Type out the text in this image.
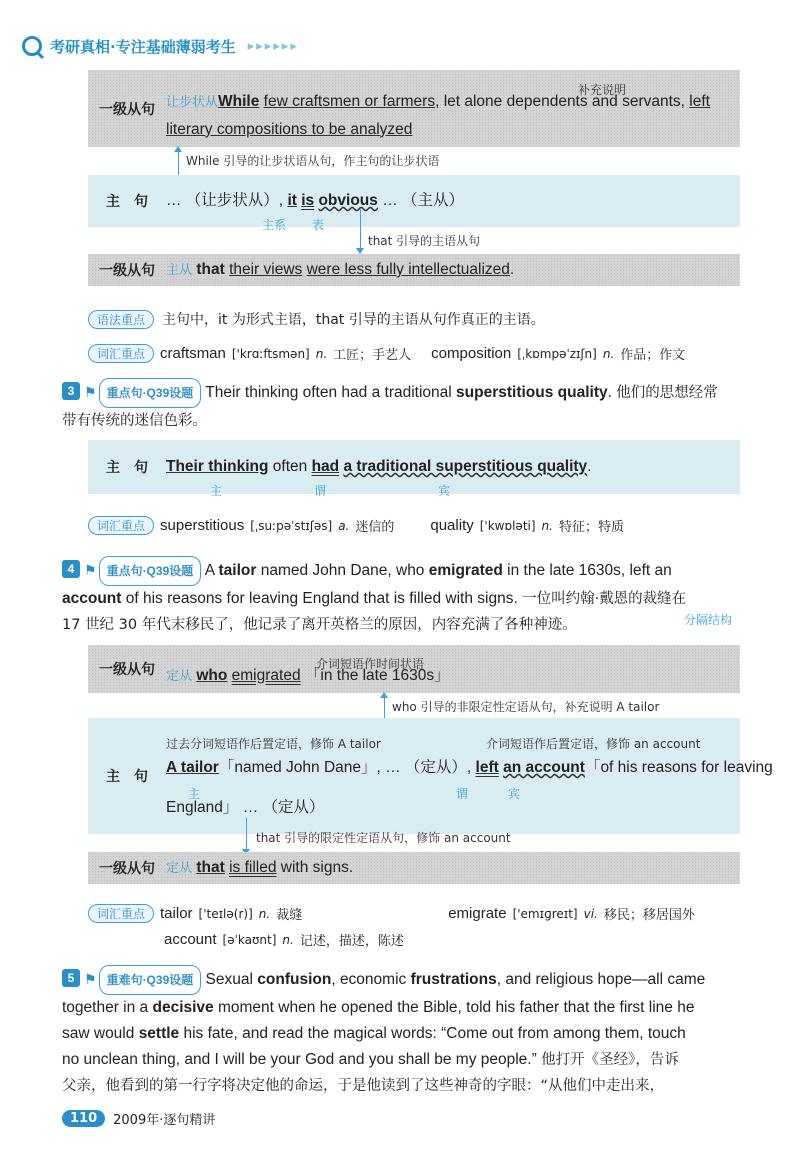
考研真相·专注基础薄弱考生 ▸▸▸▸▸▸
一级从句
补充说明
让步状从While few craftsmen or farmers, let alone dependents and servants, left
literary compositions to be analyzed
While 引导的让步状语从句，作主句的让步状语
主　句	… （让步状从）, it is obvious … （主从）
主系 表
that 引导的主语从句
一级从句 主从 that their views were less fully intellectualized.
语法重点	主句中，it 为形式主语，that 引导的主语从句作真正的主语。
词汇重点	craftsman ['krɑːftsmən] n. 工匠；手艺人 composition [ˌkɒmpəˈzɪʃn] n. 作品；作文
3 ⚑ 重点句·Q39设题 Their thinking often had a traditional superstitious quality. 他们的思想经常
带有传统的迷信色彩。
主　句	Their thinking often had a traditional superstitious quality.
主	谓	宾
词汇重点	superstitious [ˌsuːpəˈstɪʃəs] a. 迷信的 quality ['kwɒləti] n. 特征；特质
4 ⚑ 重点句·Q39设题 A tailor named John Dane, who emigrated in the late 1630s, left an
account of his reasons for leaving England that is filled with signs. 一位叫约翰·戴恩的裁缝在
17 世纪 30 年代末移民了，他记录了离开英格兰的原因，内容充满了各种神迹。	分隔结构
一级从句	介词短语作时间状语
定从 who emigrated 「in the late 1630s」
who 引导的非限定性定语从句，补充说明 A tailor
主　句
过去分词短语作后置定语，修饰 A tailor	介词短语作后置定语，修饰 an account
A tailor「named John Dane」, … （定从）, left an account「of his reasons for leaving
主	谓	宾
England」 … （定从）
that 引导的限定性定语从句，修饰 an account
一级从句 定从 that is filled with signs.
词汇重点	tailor ['teɪlə(r)] n. 裁缝	emigrate ['emɪɡreɪt] vi. 移民；移居国外
account [əˈkaʊnt] n. 记述，描述，陈述
5 ⚑ 重难句·Q39设题 Sexual confusion, economic frustrations, and religious hope—all came
together in a decisive moment when he opened the Bible, told his father that the first line he
saw would settle his fate, and read the magical words: “Come out from among them, touch
no unclean thing, and I will be your God and you shall be my people.” 他打开《圣经》，告诉
父亲，他看到的第一行字将决定他的命运，于是他读到了这些神奇的字眼：“从他们中走出来，
110	2009年·逐句精讲
